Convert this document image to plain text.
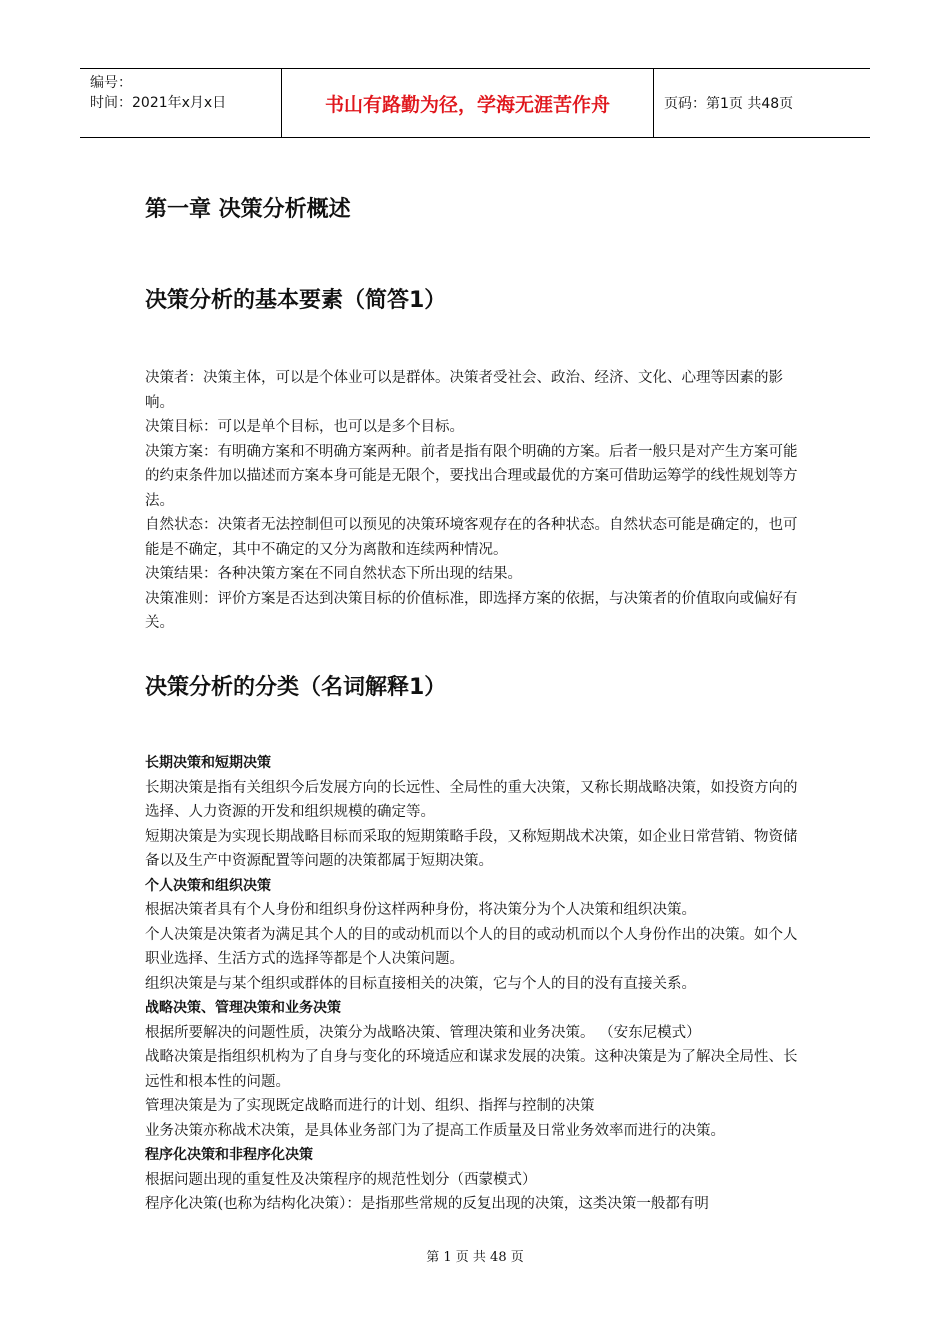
编号：
时间：2021年x月x日	书山有路勤为径，学海无涯苦作舟	页码：第1页 共48页
第一章 决策分析概述
决策分析的基本要素（简答1）

决策者：决策主体，可以是个体业可以是群体。决策者受社会、政治、经济、文化、心理等因素的影响。

决策目标：可以是单个目标，也可以是多个目标。

决策方案：有明确方案和不明确方案两种。前者是指有限个明确的方案。后者一般只是对产生方案可能的约束条件加以描述而方案本身可能是无限个，要找出合理或最优的方案可借助运筹学的线性规划等方法。

自然状态：决策者无法控制但可以预见的决策环境客观存在的各种状态。自然状态可能是确定的，也可能是不确定，其中不确定的又分为离散和连续两种情况。

决策结果：各种决策方案在不同自然状态下所出现的结果。

决策准则：评价方案是否达到决策目标的价值标准，即选择方案的依据，与决策者的价值取向或偏好有关。

决策分析的分类（名词解释1）

长期决策和短期决策

长期决策是指有关组织今后发展方向的长远性、全局性的重大决策，又称长期战略决策，如投资方向的选择、人力资源的开发和组织规模的确定等。

短期决策是为实现长期战略目标而采取的短期策略手段，又称短期战术决策，如企业日常营销、物资储备以及生产中资源配置等问题的决策都属于短期决策。

个人决策和组织决策

根据决策者具有个人身份和组织身份这样两种身份，将决策分为个人决策和组织决策。

个人决策是决策者为满足其个人的目的或动机而以个人的目的或动机而以个人身份作出的决策。如个人职业选择、生活方式的选择等都是个人决策问题。

组织决策是与某个组织或群体的目标直接相关的决策，它与个人的目的没有直接关系。

战略决策、管理决策和业务决策

根据所要解决的问题性质，决策分为战略决策、管理决策和业务决策。 （安东尼模式）

战略决策是指组织机构为了自身与变化的环境适应和谋求发展的决策。这种决策是为了解决全局性、长远性和根本性的问题。

管理决策是为了实现既定战略而进行的计划、组织、指挥与控制的决策

业务决策亦称战术决策，是具体业务部门为了提高工作质量及日常业务效率而进行的决策。

程序化决策和非程序化决策

根据问题出现的重复性及决策程序的规范性划分（西蒙模式）

程序化决策(也称为结构化决策）：是指那些常规的反复出现的决策，这类决策一般都有明

第 1 页 共 48 页
